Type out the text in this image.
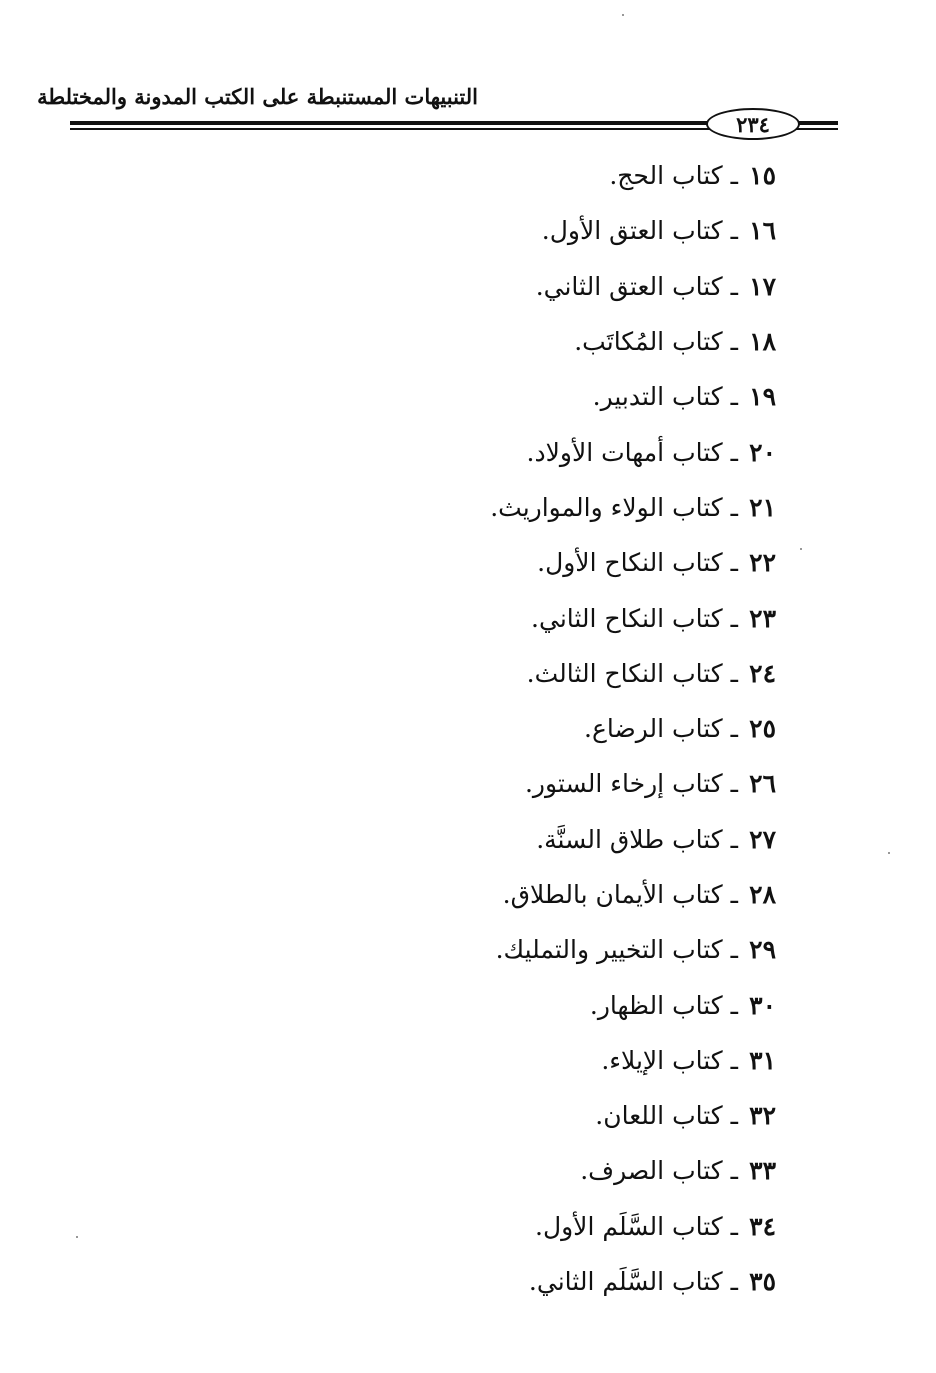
التنبيهات المستنبطة على الكتب المدونة والمختلطة
٢٣٤
١٥
ـ
كتاب الحج.
١٦
ـ
كتاب العتق الأول.
١٧
ـ
كتاب العتق الثاني.
١٨
ـ
كتاب المُكاتَب.
١٩
ـ
كتاب التدبير.
٢٠
ـ
كتاب أمهات الأولاد.
٢١
ـ
كتاب الولاء والمواريث.
٢٢
ـ
كتاب النكاح الأول.
٢٣
ـ
كتاب النكاح الثاني.
٢٤
ـ
كتاب النكاح الثالث.
٢٥
ـ
كتاب الرضاع.
٢٦
ـ
كتاب إرخاء الستور.
٢٧
ـ
كتاب طلاق السنَّة.
٢٨
ـ
كتاب الأيمان بالطلاق.
٢٩
ـ
كتاب التخيير والتمليك.
٣٠
ـ
كتاب الظهار.
٣١
ـ
كتاب الإيلاء.
٣٢
ـ
كتاب اللعان.
٣٣
ـ
كتاب الصرف.
٣٤
ـ
كتاب السَّلَم الأول.
٣٥
ـ
كتاب السَّلَم الثاني.
